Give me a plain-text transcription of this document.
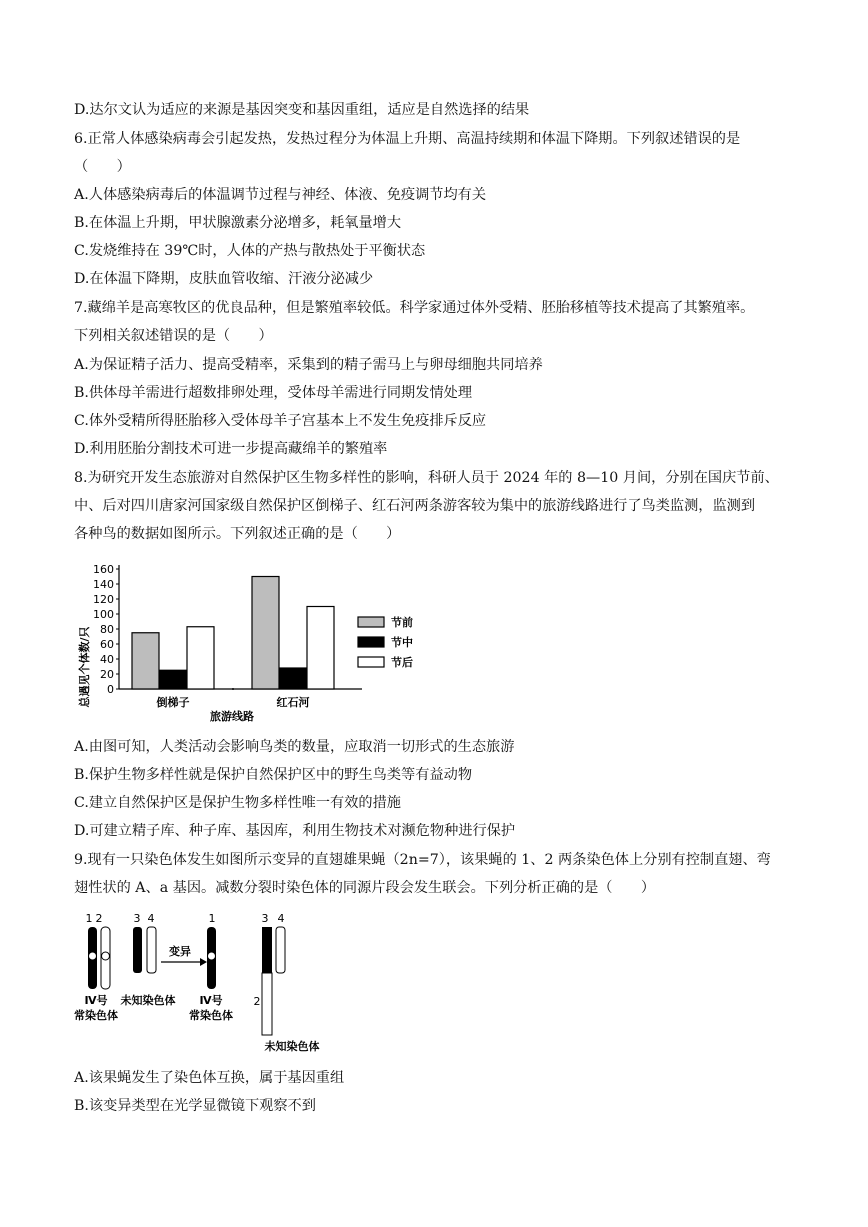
D.达尔文认为适应的来源是基因突变和基因重组，适应是自然选择的结果
6.正常人体感染病毒会引起发热，发热过程分为体温上升期、高温持续期和体温下降期。下列叙述错误的是
（　　）
A.人体感染病毒后的体温调节过程与神经、体液、免疫调节均有关
B.在体温上升期，甲状腺激素分泌增多，耗氧量增大
C.发烧维持在 39℃时，人体的产热与散热处于平衡状态
D.在体温下降期，皮肤血管收缩、汗液分泌减少
7.藏绵羊是高寒牧区的优良品种，但是繁殖率较低。科学家通过体外受精、胚胎移植等技术提高了其繁殖率。
下列相关叙述错误的是（　　）
A.为保证精子活力、提高受精率，采集到的精子需马上与卵母细胞共同培养
B.供体母羊需进行超数排卵处理，受体母羊需进行同期发情处理
C.体外受精所得胚胎移入受体母羊子宫基本上不发生免疫排斥反应
D.利用胚胎分割技术可进一步提高藏绵羊的繁殖率
8.为研究开发生态旅游对自然保护区生物多样性的影响，科研人员于 2024 年的 8—10 月间，分别在国庆节前、
中、后对四川唐家河国家级自然保护区倒梯子、红石河两条游客较为集中的旅游线路进行了鸟类监测，监测到
各种鸟的数据如图所示。下列叙述正确的是（　　）
总遇见个体数/只 0
20
40
60
80
100
120
140
160
倒梯子	红石河
旅游线路
节前
节中
节后
A.由图可知，人类活动会影响鸟类的数量，应取消一切形式的生态旅游
B.保护生物多样性就是保护自然保护区中的野生鸟类等有益动物
C.建立自然保护区是保护生物多样性唯一有效的措施
D.可建立精子库、种子库、基因库，利用生物技术对濒危物种进行保护
9.现有一只染色体发生如图所示变异的直翅雄果蝇（2n=7），该果蝇的 1、2 两条染色体上分别有控制直翅、弯
翅性状的 A、a 基因。减数分裂时染色体的同源片段会发生联会。下列分析正确的是（　　）
1 2
Ⅳ号
常染色体
3 4
未知染色体
变异
1
Ⅳ号
常染色体
3 4
2
未知染色体
A.该果蝇发生了染色体互换，属于基因重组
B.该变异类型在光学显微镜下观察不到
